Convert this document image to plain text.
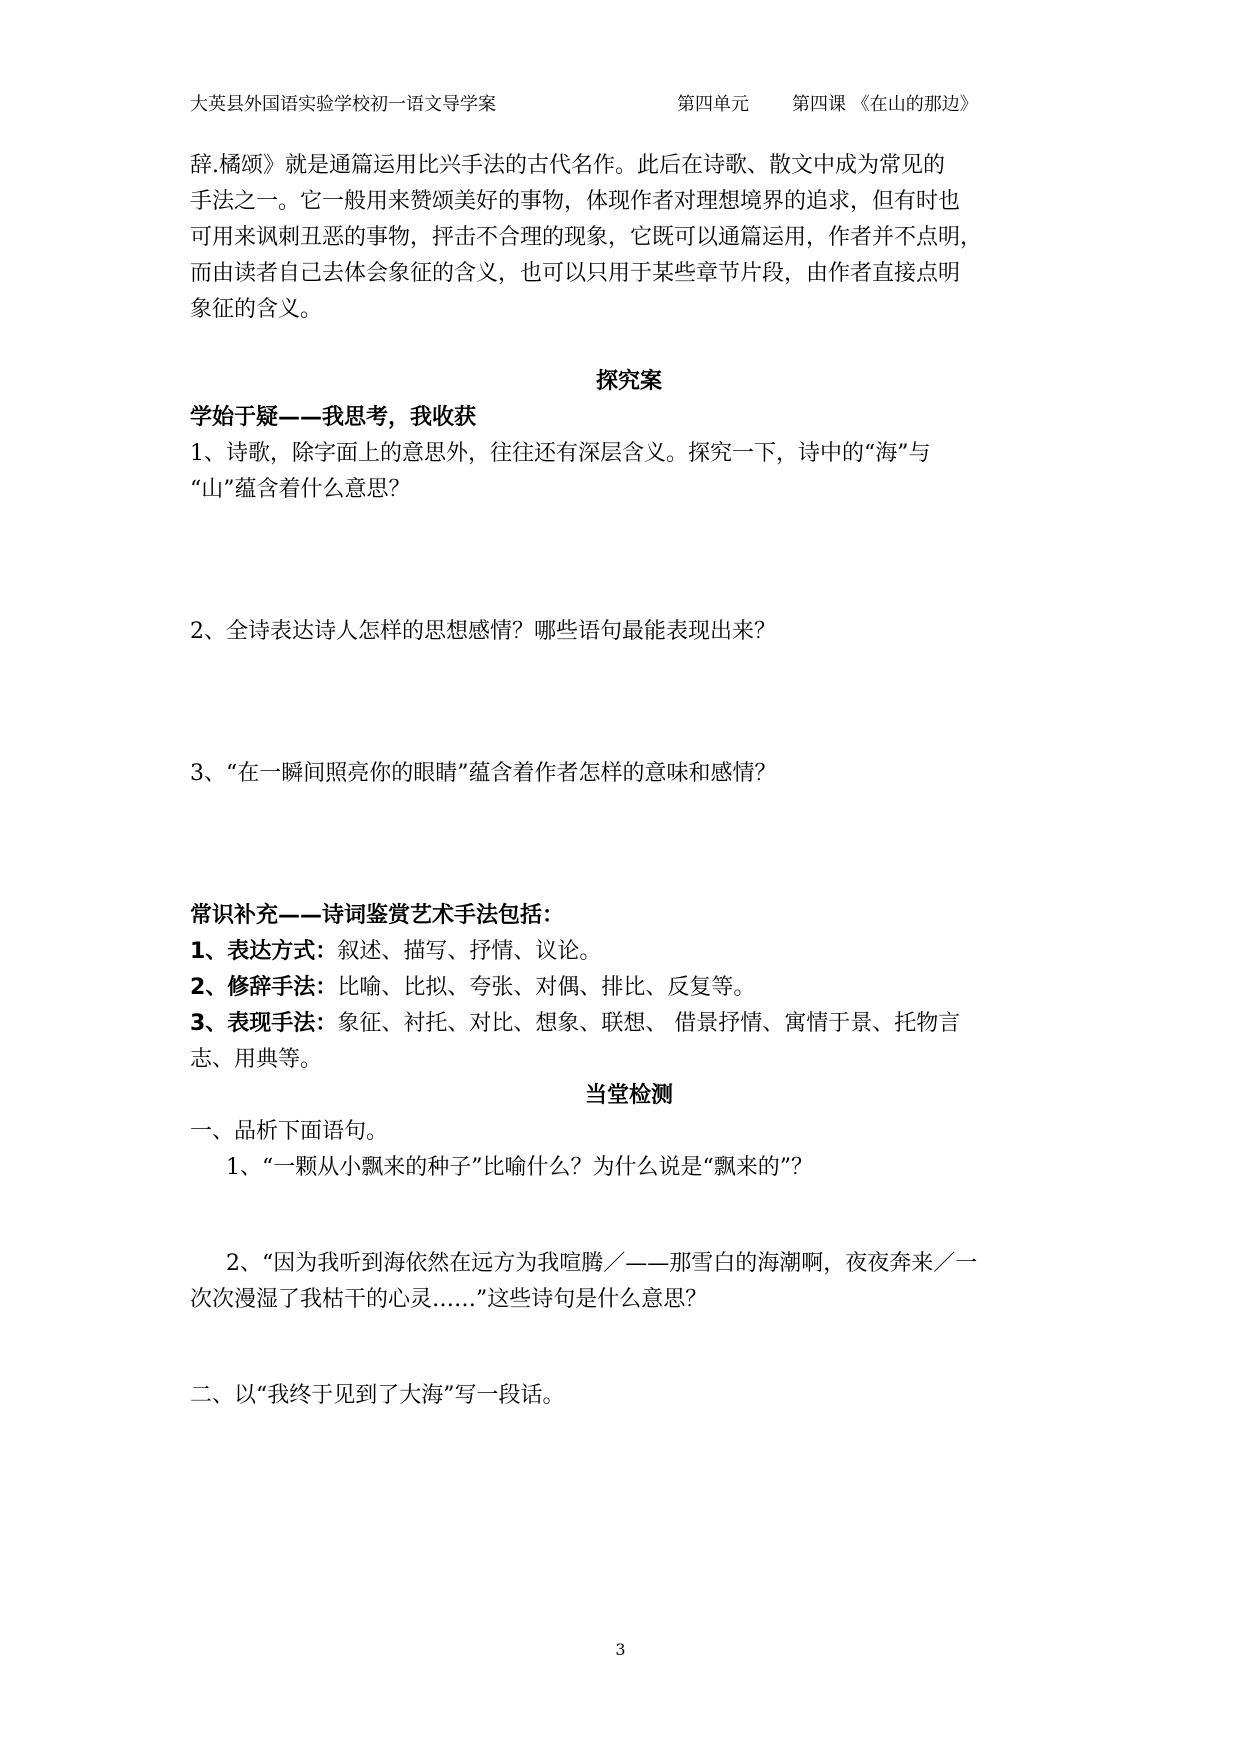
大英县外国语实验学校初一语文导学案	第四单元 第四课 《在山的那边》
辞.橘颂》就是通篇运用比兴手法的古代名作。此后在诗歌、散文中成为常见的
手法之一。它一般用来赞颂美好的事物，体现作者对理想境界的追求，但有时也
可用来讽刺丑恶的事物，抨击不合理的现象，它既可以通篇运用，作者并不点明，
而由读者自己去体会象征的含义，也可以只用于某些章节片段，由作者直接点明
象征的含义。
探究案
学始于疑——我思考，我收获
1、诗歌，除字面上的意思外，往往还有深层含义。探究一下，诗中的“海”与
“山”蕴含着什么意思？
2、全诗表达诗人怎样的思想感情？哪些语句最能表现出来？
3、“在一瞬间照亮你的眼睛”蕴含着作者怎样的意味和感情？
常识补充——诗词鉴赏艺术手法包括：
1、表达方式：叙述、描写、抒情、议论。
2、修辞手法：比喻、比拟、夸张、对偶、排比、反复等。
3、表现手法：象征、衬托、对比、想象、联想、 借景抒情、寓情于景、托物言
志、用典等。
当堂检测
一、品析下面语句。
1、“一颗从小飘来的种子”比喻什么？为什么说是“飘来的”？
2、“因为我听到海依然在远方为我喧腾／——那雪白的海潮啊，夜夜奔来／一
次次漫湿了我枯干的心灵……”这些诗句是什么意思？
二、以“我终于见到了大海”写一段话。
3
